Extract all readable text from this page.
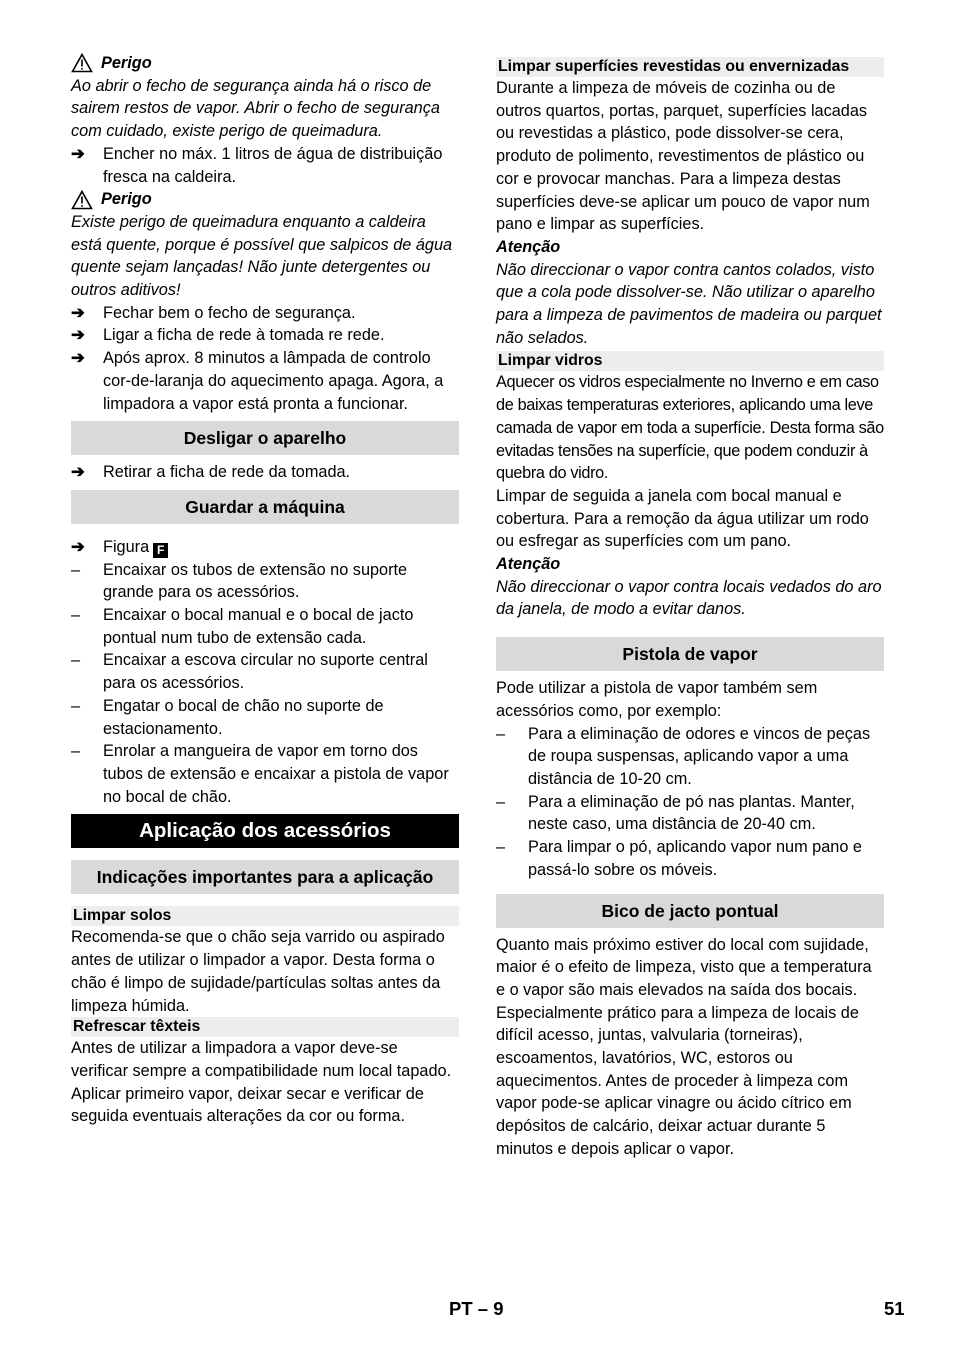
Perigo

Ao abrir o fecho de segurança ainda há o risco de sairem restos de vapor. Abrir o fecho de segurança com cuidado, existe perigo de queimadura.

➔	Encher no máx. 1 litros de água de distribuição fresca na caldeira.
Perigo

Existe perigo de queimadura enquanto a caldeira está quente, porque é possível que salpicos de água quente sejam lançadas! Não junte detergentes ou outros aditivos!

➔	Fechar bem o fecho de segurança.
➔	Ligar a ficha de rede à tomada re rede.
➔	Após aprox. 8 minutos a lâmpada de controlo cor-de-laranja do aquecimento apaga. Agora, a limpadora a vapor está pronta a funcionar.
Desligar o aparelho
➔	Retirar a ficha de rede da tomada.
Guardar a máquina
➔	Figura F
–	Encaixar os tubos de extensão no suporte grande para os acessórios.
–	Encaixar o bocal manual e o bocal de jacto pontual num tubo de extensão cada.
–	Encaixar a escova circular no suporte central para os acessórios.
–	Engatar o bocal de chão no suporte de estacionamento.
–	Enrolar a mangueira de vapor em torno dos tubos de extensão e encaixar a pistola de vapor no bocal de chão.
Aplicação dos acessórios
Indicações importantes para a aplicação
Limpar solos

Recomenda-se que o chão seja varrido ou aspirado antes de utilizar o limpador a vapor. Desta forma o chão é limpo de sujidade/partículas soltas antes da limpeza húmida.

Refrescar têxteis

Antes de utilizar a limpadora a vapor deve-se verificar sempre a compatibilidade num local tapado. Aplicar primeiro vapor, deixar secar e verificar de seguida eventuais alterações da cor ou forma.

Limpar superfícies revestidas ou envernizadas

Durante a limpeza de móveis de cozinha ou de outros quartos, portas, parquet, superfícies lacadas ou revestidas a plástico, pode dissolver-se cera, produto de polimento, revestimentos de plástico ou cor e provocar manchas. Para a limpeza destas superfícies deve-se aplicar um pouco de vapor num pano e limpar as superfícies.

Atenção

Não direccionar o vapor contra cantos colados, visto que a cola pode dissolver-se. Não utilizar o aparelho para a limpeza de pavimentos de madeira ou parquet não selados.

Limpar vidros

Aquecer os vidros especialmente no Inverno e em caso de baixas temperaturas exteriores, aplicando uma leve camada de vapor em toda a superfície. Desta forma são evitadas tensões na superfície, que podem conduzir à quebra do vidro.

Limpar de seguida a janela com bocal manual e cobertura. Para a remoção da água utilizar um rodo ou esfregar as superfícies com um pano.

Atenção

Não direccionar o vapor contra locais vedados do aro da janela, de modo a evitar danos.

Pistola de vapor

Pode utilizar a pistola de vapor também sem acessórios como, por exemplo:

–	Para a eliminação de odores e vincos de peças de roupa suspensas, aplicando vapor a uma distância de 10-20 cm.
–	Para a eliminação de pó nas plantas. Manter, neste caso, uma distância de 20-40 cm.
–	Para limpar o pó, aplicando vapor num pano e passá-lo sobre os móveis.
Bico de jacto pontual

Quanto mais próximo estiver do local com sujidade, maior é o efeito de limpeza, visto que a temperatura e o vapor são mais elevados na saída dos bocais. Especialmente prático para a limpeza de locais de difícil acesso, juntas, valvularia (torneiras), escoamentos, lavatórios, WC, estoros ou aquecimentos. Antes de proceder à limpeza com vapor pode-se aplicar vinagre ou ácido cítrico em depósitos de calcário, deixar actuar durante 5 minutos e depois aplicar o vapor.

PT – 9	51
